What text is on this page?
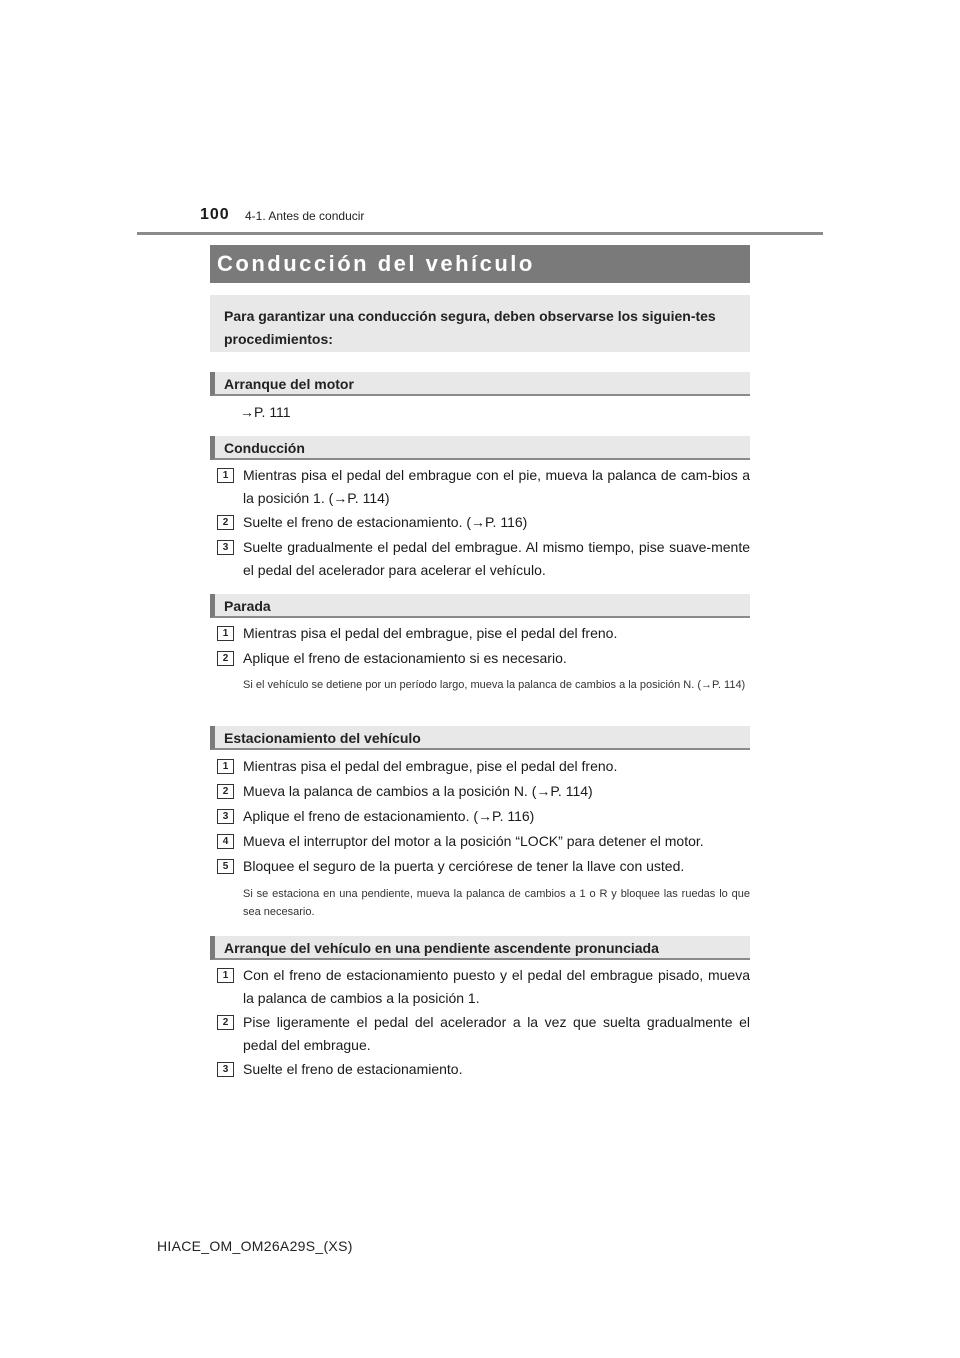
100 4-1. Antes de conducir
Conducción del vehículo
Para garantizar una conducción segura, deben observarse los siguien-tes procedimientos:
Arranque del motor
→P. 111
Conducción
1	Mientras pisa el pedal del embrague con el pie, mueva la palanca de cam-bios a la posición 1. (→P. 114)
2	Suelte el freno de estacionamiento. (→P. 116)
3	Suelte gradualmente el pedal del embrague. Al mismo tiempo, pise suave-mente el pedal del acelerador para acelerar el vehículo.
Parada
1	Mientras pisa el pedal del embrague, pise el pedal del freno.
2	Aplique el freno de estacionamiento si es necesario.
Si el vehículo se detiene por un período largo, mueva la palanca de cambios a la posición N. (→P. 114)
Estacionamiento del vehículo
1	Mientras pisa el pedal del embrague, pise el pedal del freno.
2	Mueva la palanca de cambios a la posición N. (→P. 114)
3	Aplique el freno de estacionamiento. (→P. 116)
4	Mueva el interruptor del motor a la posición “LOCK” para detener el motor.
5	Bloquee el seguro de la puerta y cerciórese de tener la llave con usted.
Si se estaciona en una pendiente, mueva la palanca de cambios a 1 o R y bloquee las ruedas lo que sea necesario.
Arranque del vehículo en una pendiente ascendente pronunciada
1	Con el freno de estacionamiento puesto y el pedal del embrague pisado, mueva la palanca de cambios a la posición 1.
2	Pise ligeramente el pedal del acelerador a la vez que suelta gradualmente el pedal del embrague.
3	Suelte el freno de estacionamiento.
HIACE_OM_OM26A29S_(XS)
